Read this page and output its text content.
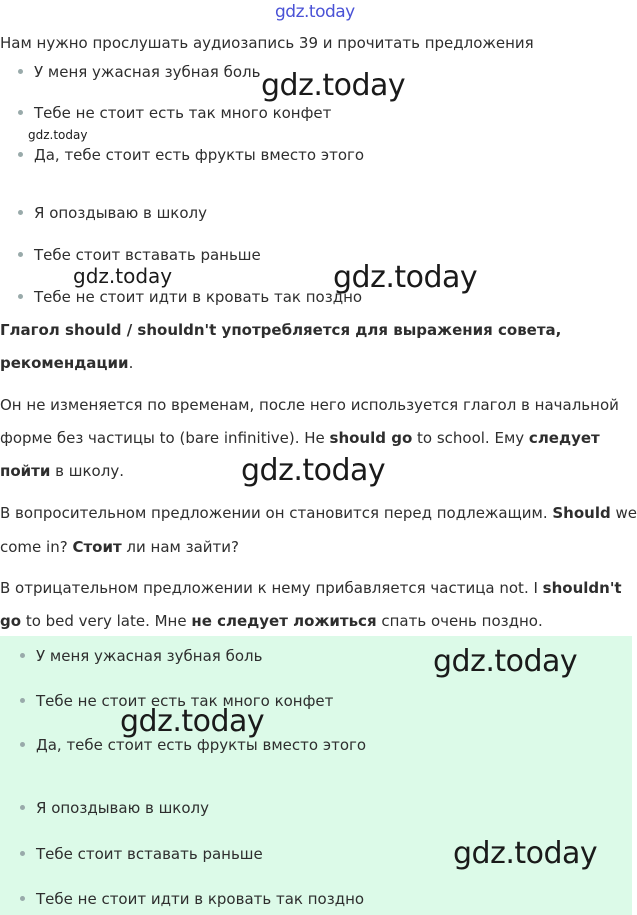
gdz.today
gdz.today
gdz.today
gdz.today	gdz.today
gdz.today
Нам нужно прослушать аудиозапись 39 и прочитать предложения
У меня ужасная зубная боль
Тебе не стоит есть так много конфет
Да, тебе стоит есть фрукты вместо этого
Я опоздываю в школу
Тебе стоит вставать раньше
Тебе не стоит идти в кровать так поздно
Глагол should / shouldn't употребляется для выражения совета,
рекомендации.
Он не изменяется по временам, после него используется глагол в начальной
форме без частицы to (bare infinitive). Не should go to school. Ему следует
пойти в школу.
В вопросительном предложении он становится перед подлежащим. Should we
come in? Стоит ли нам зайти?
В отрицательном предложении к нему прибавляется частица not. I shouldn't
go to bed very late. Мне не следует ложиться спать очень поздно.
У меня ужасная зубная боль
Тебе не стоит есть так много конфет
Да, тебе стоит есть фрукты вместо этого
Я опоздываю в школу
Тебе стоит вставать раньше
Тебе не стоит идти в кровать так поздно
gdz.today
gdz.today
gdz.today
